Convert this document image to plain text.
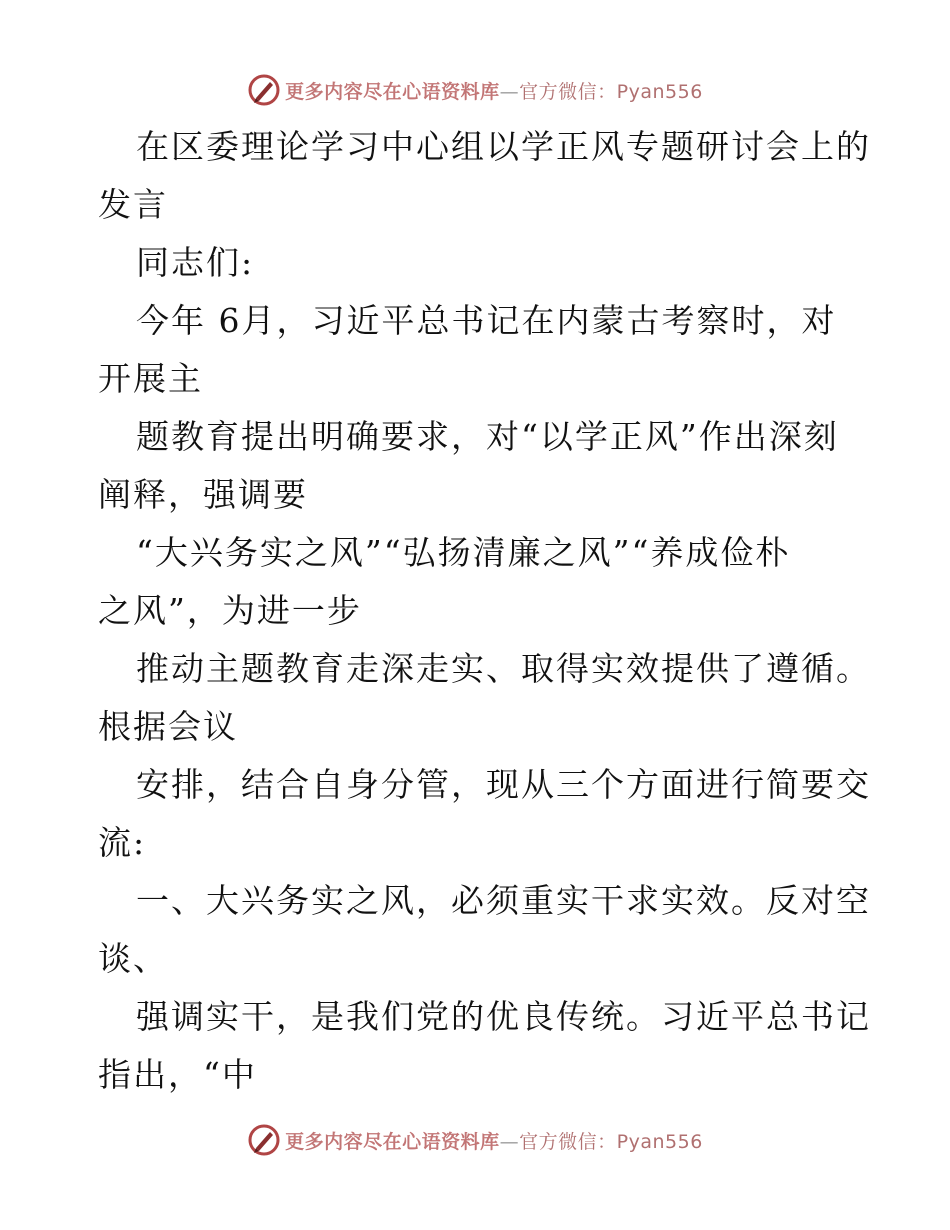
更多内容尽在心语资料库—官方微信：Pyan556
在区委理论学习中心组以学正风专题研讨会上的
发言
同志们:
今年 6月，习近平总书记在内蒙古考察时，对
开展主
题教育提出明确要求，对“以学正风”作出深刻
阐释，强调要
“大兴务实之风”“弘扬清廉之风”“养成俭朴
之风”，为进一步
推动主题教育走深走实、取得实效提供了遵循。
根据会议
安排，结合自身分管，现从三个方面进行简要交
流:
一、大兴务实之风，必须重实干求实效。反对空
谈、
强调实干，是我们党的优良传统。习近平总书记
指出，“中
更多内容尽在心语资料库—官方微信：Pyan556
